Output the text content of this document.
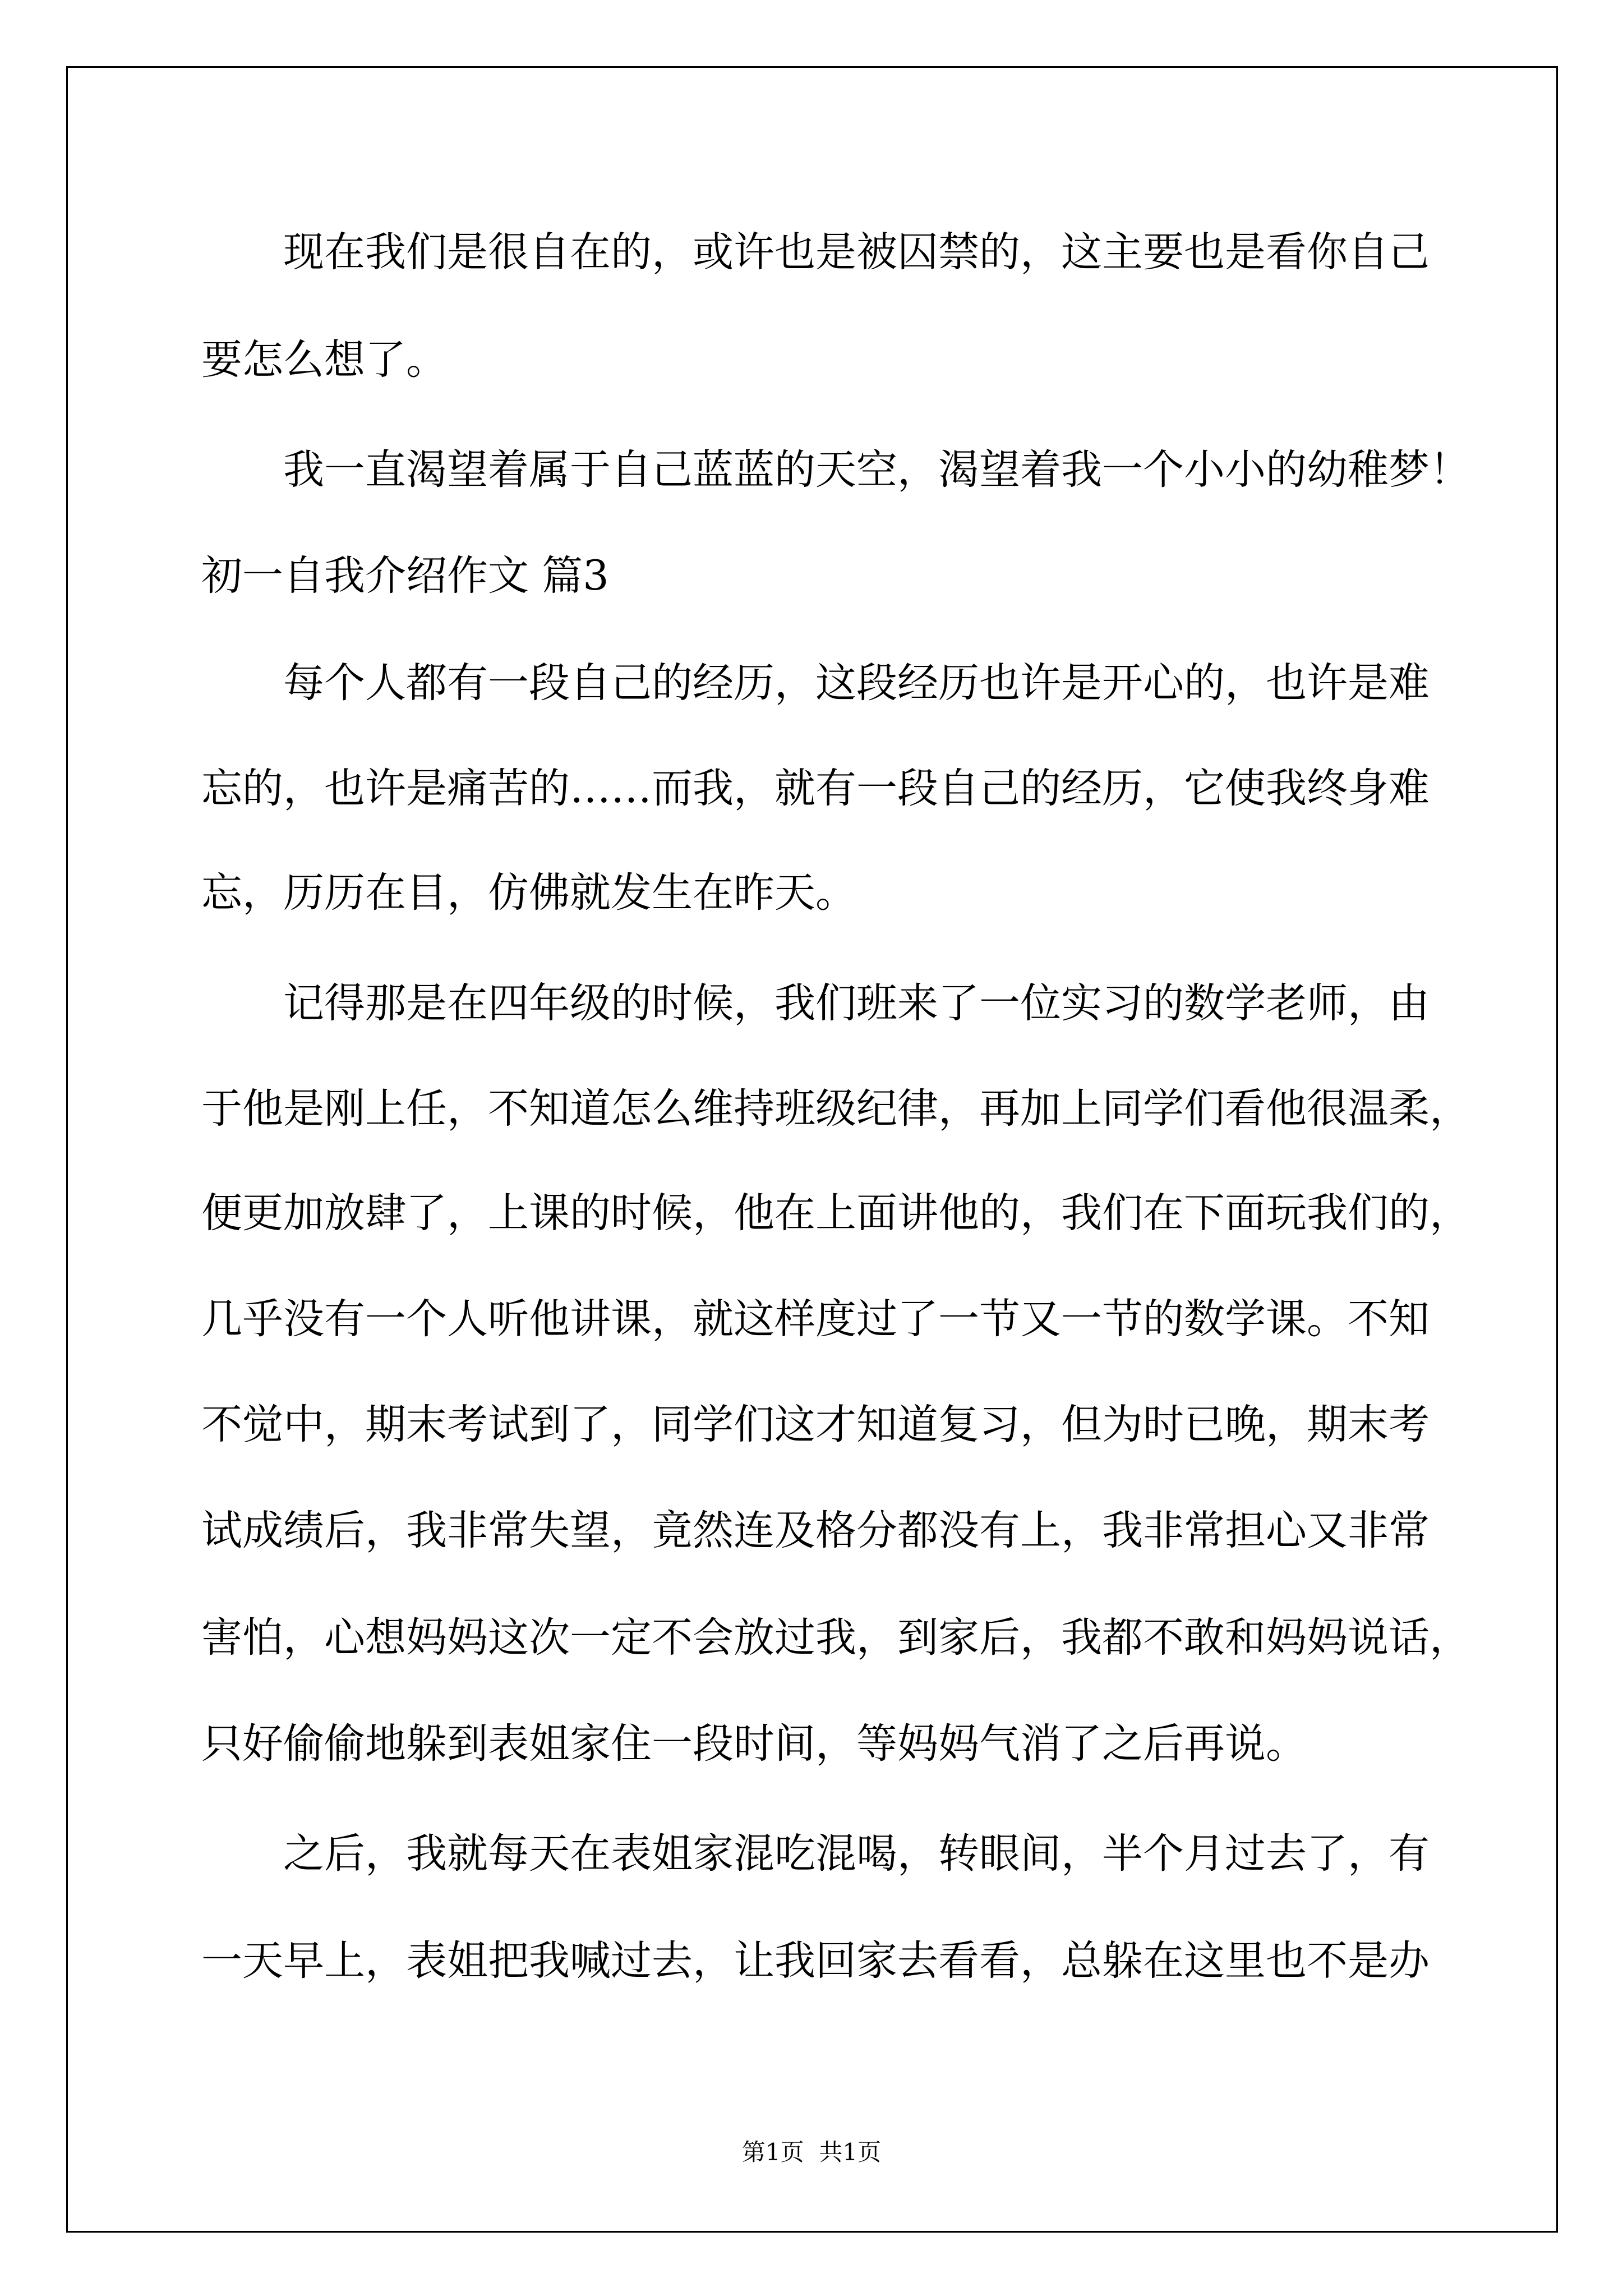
现在我们是很自在的，或许也是被囚禁的，这主要也是看你自己
要怎么想了。
我一直渴望着属于自己蓝蓝的天空，渴望着我一个小小的幼稚梦！
初一自我介绍作文 篇3
每个人都有一段自己的经历，这段经历也许是开心的，也许是难
忘的，也许是痛苦的……而我，就有一段自己的经历，它使我终身难
忘，历历在目，仿佛就发生在昨天。
记得那是在四年级的时候，我们班来了一位实习的数学老师，由
于他是刚上任，不知道怎么维持班级纪律，再加上同学们看他很温柔，
便更加放肆了，上课的时候，他在上面讲他的，我们在下面玩我们的，
几乎没有一个人听他讲课，就这样度过了一节又一节的数学课。不知
不觉中，期末考试到了，同学们这才知道复习，但为时已晚，期末考
试成绩后，我非常失望，竟然连及格分都没有上，我非常担心又非常
害怕，心想妈妈这次一定不会放过我，到家后，我都不敢和妈妈说话，
只好偷偷地躲到表姐家住一段时间，等妈妈气消了之后再说。
之后，我就每天在表姐家混吃混喝，转眼间，半个月过去了，有
一天早上，表姐把我喊过去，让我回家去看看，总躲在这里也不是办
第1页  共1页
